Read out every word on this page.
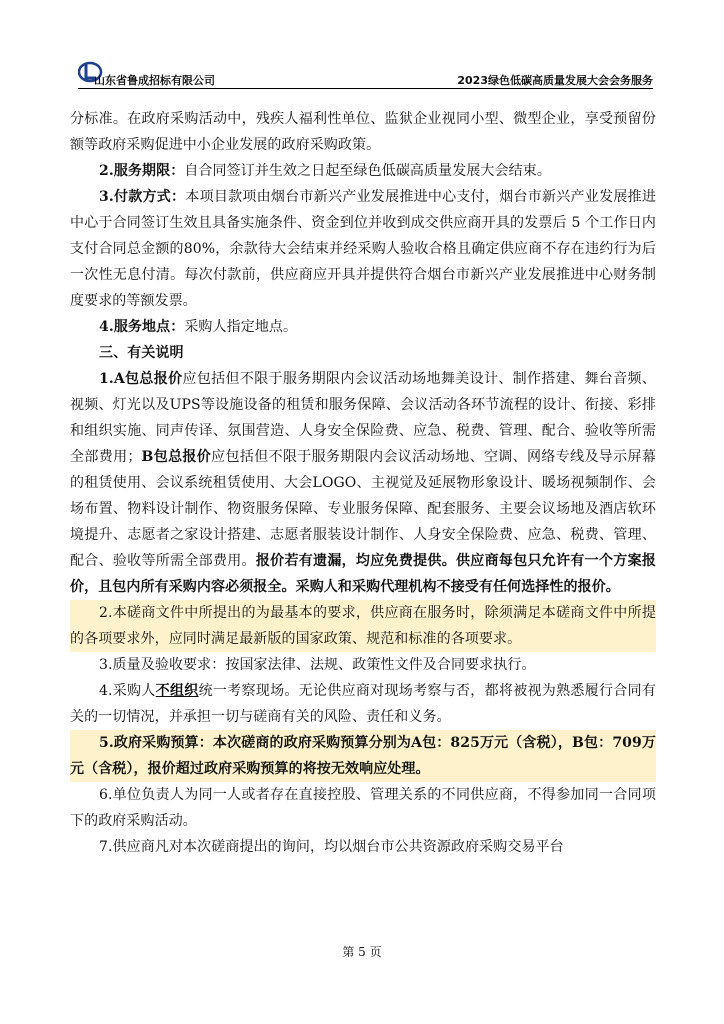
山东省鲁成招标有限公司	2023绿色低碳高质量发展大会会务服务

分标准。在政府采购活动中，残疾人福利性单位、监狱企业视同小型、微型企业，享受预留份额等政府采购促进中小企业发展的政府采购政策。

2.服务期限：自合同签订并生效之日起至绿色低碳高质量发展大会结束。

3.付款方式：本项目款项由烟台市新兴产业发展推进中心支付，烟台市新兴产业发展推进中心于合同签订生效且具备实施条件、资金到位并收到成交供应商开具的发票后 5 个工作日内支付合同总金额的80%，余款待大会结束并经采购人验收合格且确定供应商不存在违约行为后一次性无息付清。每次付款前，供应商应开具并提供符合烟台市新兴产业发展推进中心财务制度要求的等额发票。

4.服务地点：采购人指定地点。

三、有关说明

1.A包总报价应包括但不限于服务期限内会议活动场地舞美设计、制作搭建、舞台音频、视频、灯光以及UPS等设施设备的租赁和服务保障、会议活动各环节流程的设计、衔接、彩排和组织实施、同声传译、氛围营造、人身安全保险费、应急、税费、管理、配合、验收等所需全部费用；B包总报价应包括但不限于服务期限内会议活动场地、空调、网络专线及导示屏幕的租赁使用、会议系统租赁使用、大会LOGO、主视觉及延展物形象设计、暖场视频制作、会场布置、物料设计制作、物资服务保障、专业服务保障、配套服务、主要会议场地及酒店软环境提升、志愿者之家设计搭建、志愿者服装设计制作、人身安全保险费、应急、税费、管理、配合、验收等所需全部费用。报价若有遗漏，均应免费提供。供应商每包只允许有一个方案报价，且包内所有采购内容必须报全。采购人和采购代理机构不接受有任何选择性的报价。

2.本磋商文件中所提出的为最基本的要求，供应商在服务时，除须满足本磋商文件中所提的各项要求外，应同时满足最新版的国家政策、规范和标准的各项要求。

3.质量及验收要求：按国家法律、法规、政策性文件及合同要求执行。

4.采购人不组织统一考察现场。无论供应商对现场考察与否，都将被视为熟悉履行合同有关的一切情况，并承担一切与磋商有关的风险、责任和义务。

5.政府采购预算：本次磋商的政府采购预算分别为A包：825万元（含税），B包：709万元（含税），报价超过政府采购预算的将按无效响应处理。

6.单位负责人为同一人或者存在直接控股、管理关系的不同供应商，不得参加同一合同项下的政府采购活动。

7.供应商凡对本次磋商提出的询问，均以烟台市公共资源政府采购交易平台

第 5 页
